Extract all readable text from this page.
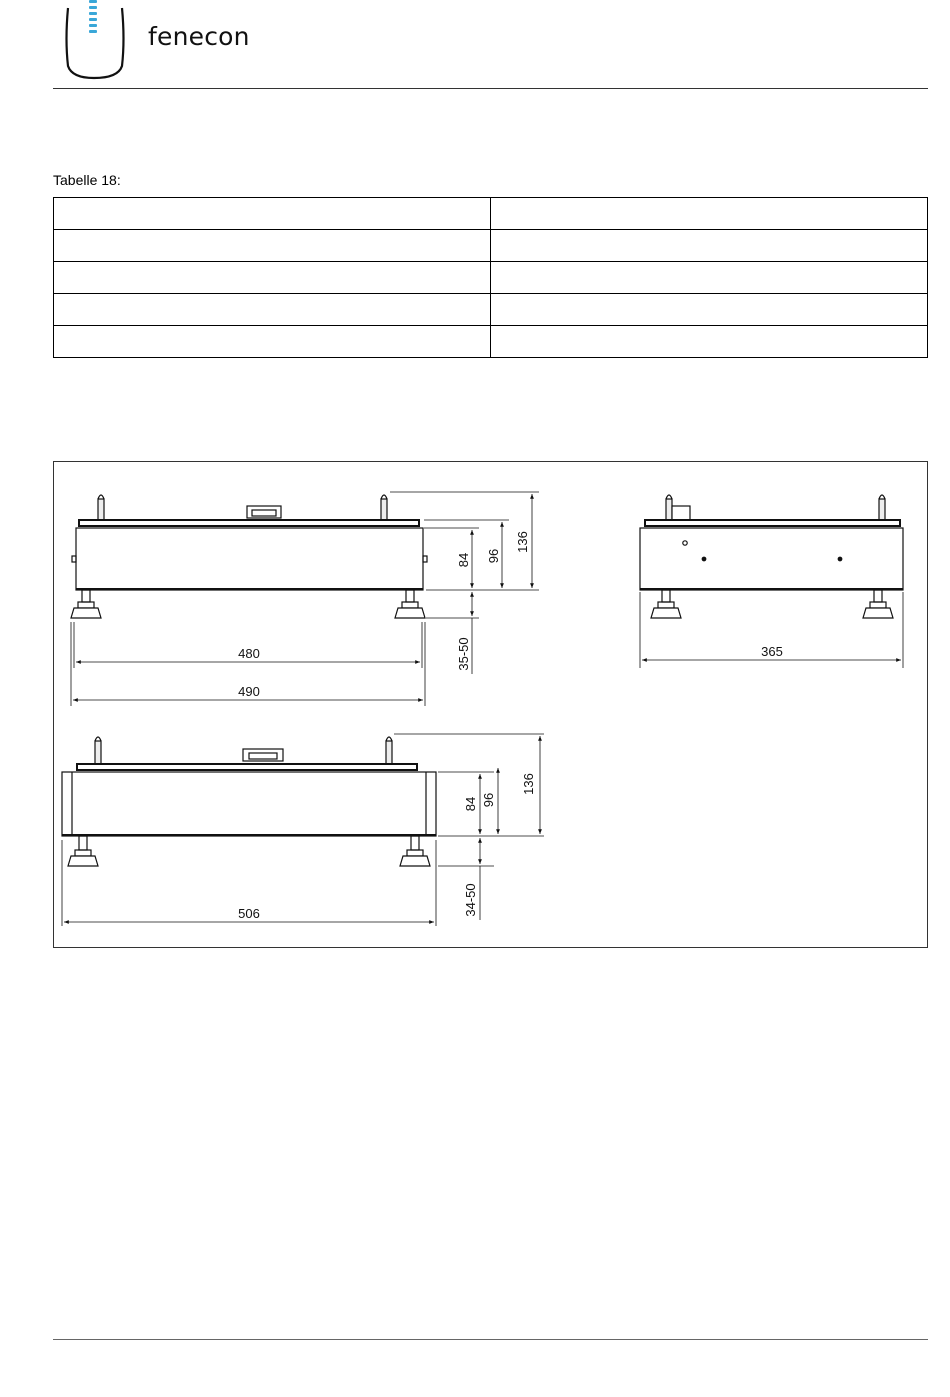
fenecon
Tabelle 18:

480
490
84 96
136
35-50	365
506
84 96
136
34-50
